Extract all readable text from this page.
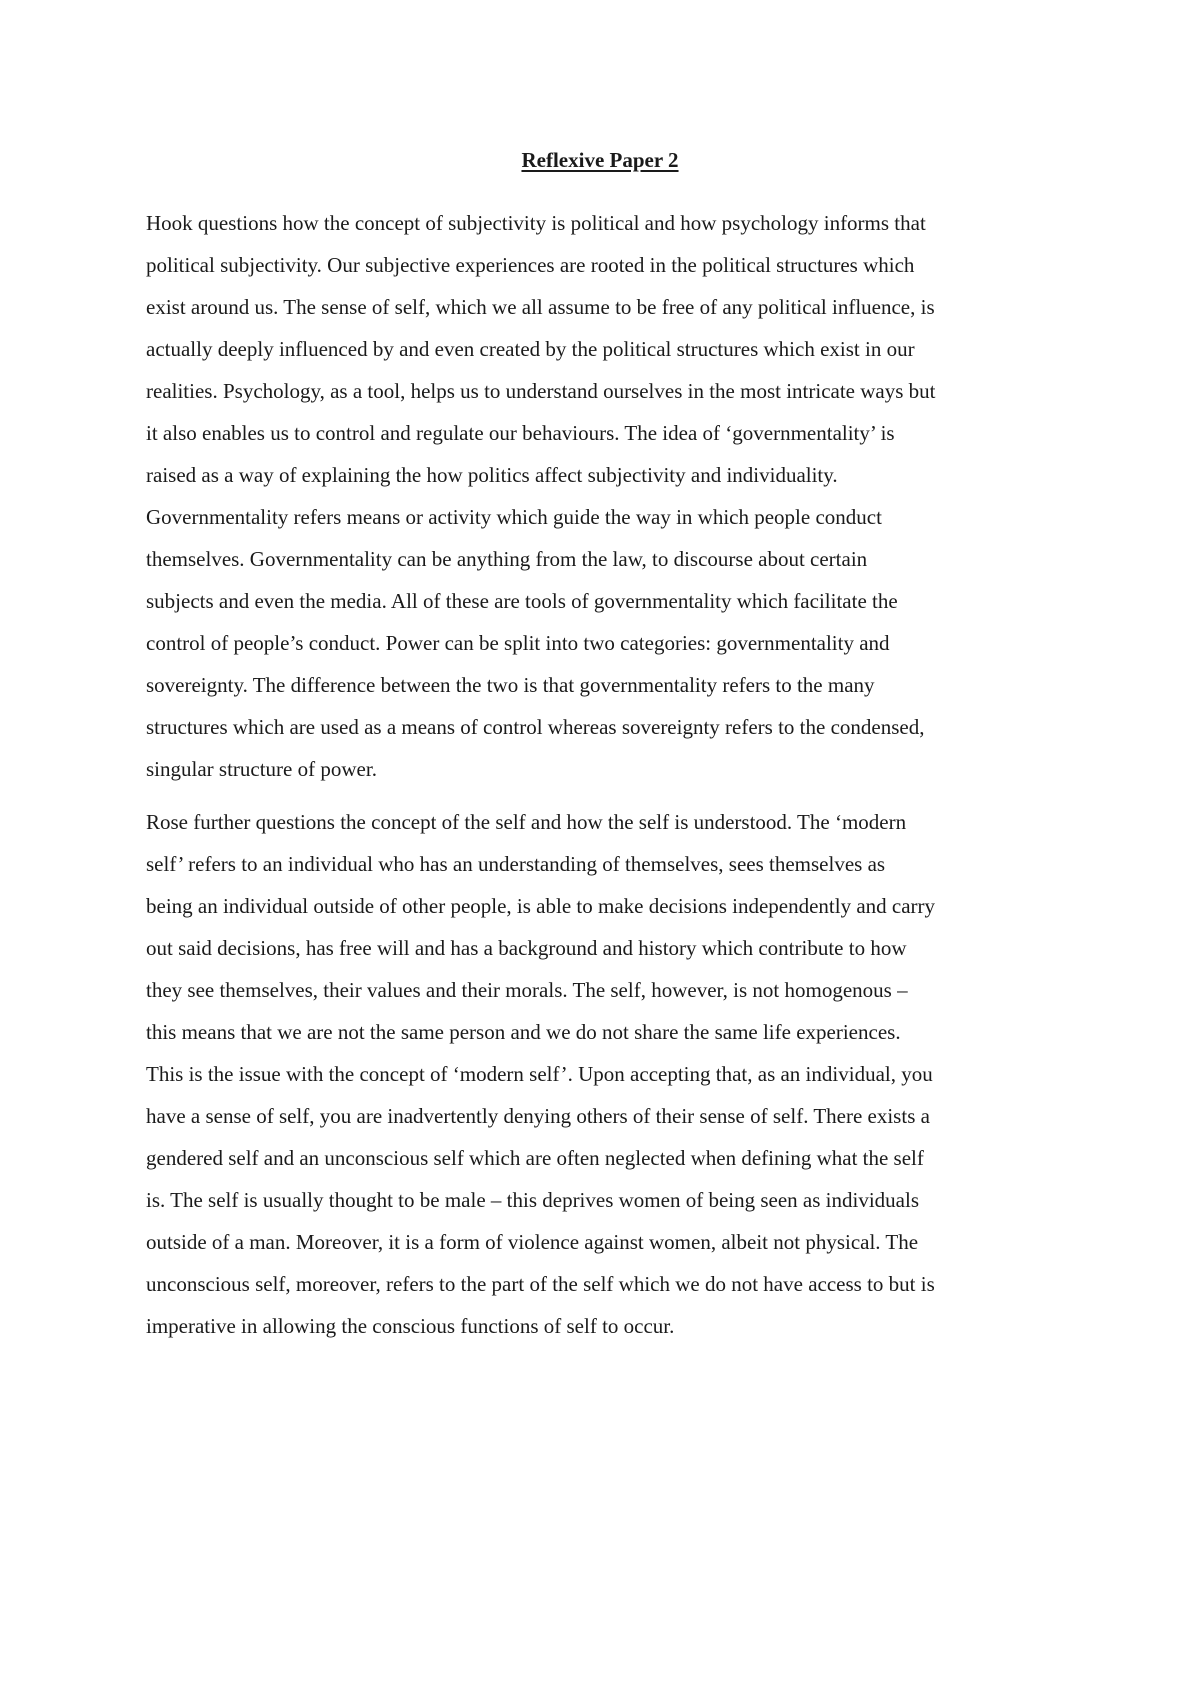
Reflexive Paper 2

Hook questions how the concept of subjectivity is political and how psychology informs that
political subjectivity. Our subjective experiences are rooted in the political structures which
exist around us. The sense of self, which we all assume to be free of any political influence, is
actually deeply influenced by and even created by the political structures which exist in our
realities. Psychology, as a tool, helps us to understand ourselves in the most intricate ways but
it also enables us to control and regulate our behaviours. The idea of ‘governmentality’ is
raised as a way of explaining the how politics affect subjectivity and individuality.
Governmentality refers means or activity which guide the way in which people conduct
themselves. Governmentality can be anything from the law, to discourse about certain
subjects and even the media. All of these are tools of governmentality which facilitate the
control of people’s conduct. Power can be split into two categories: governmentality and
sovereignty. The difference between the two is that governmentality refers to the many
structures which are used as a means of control whereas sovereignty refers to the condensed,
singular structure of power.

Rose further questions the concept of the self and how the self is understood. The ‘modern
self’ refers to an individual who has an understanding of themselves, sees themselves as
being an individual outside of other people, is able to make decisions independently and carry
out said decisions, has free will and has a background and history which contribute to how
they see themselves, their values and their morals. The self, however, is not homogenous –
this means that we are not the same person and we do not share the same life experiences.
This is the issue with the concept of ‘modern self’. Upon accepting that, as an individual, you
have a sense of self, you are inadvertently denying others of their sense of self. There exists a
gendered self and an unconscious self which are often neglected when defining what the self
is. The self is usually thought to be male – this deprives women of being seen as individuals
outside of a man. Moreover, it is a form of violence against women, albeit not physical. The
unconscious self, moreover, refers to the part of the self which we do not have access to but is
imperative in allowing the conscious functions of self to occur.
